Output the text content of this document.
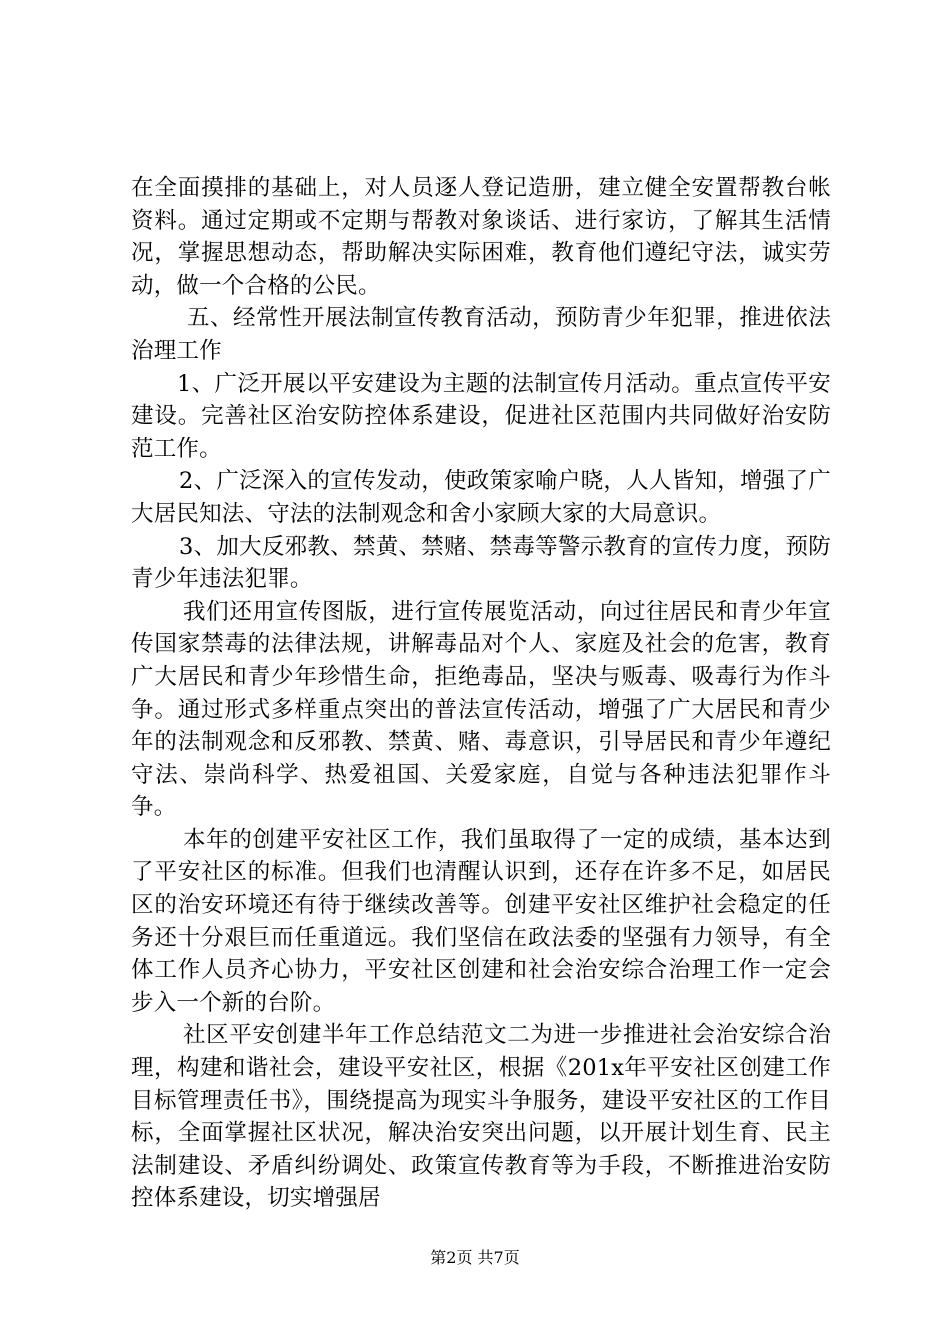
在全面摸排的基础上，对人员逐人登记造册，建立健全安置帮教台帐资料。通过定期或不定期与帮教对象谈话、进行家访，了解其生活情况，掌握思想动态，帮助解决实际困难，教育他们遵纪守法，诚实劳动，做一个合格的公民。

五、经常性开展法制宣传教育活动，预防青少年犯罪，推进依法治理工作

1、广泛开展以平安建设为主题的法制宣传月活动。重点宣传平安建设。完善社区治安防控体系建设，促进社区范围内共同做好治安防范工作。

2、广泛深入的宣传发动，使政策家喻户晓，人人皆知，增强了广大居民知法、守法的法制观念和舍小家顾大家的大局意识。

3、加大反邪教、禁黄、禁赌、禁毒等警示教育的宣传力度，预防青少年违法犯罪。

我们还用宣传图版，进行宣传展览活动，向过往居民和青少年宣传国家禁毒的法律法规，讲解毒品对个人、家庭及社会的危害，教育广大居民和青少年珍惜生命，拒绝毒品，坚决与贩毒、吸毒行为作斗争。通过形式多样重点突出的普法宣传活动，增强了广大居民和青少年的法制观念和反邪教、禁黄、赌、毒意识，引导居民和青少年遵纪守法、崇尚科学、热爱祖国、关爱家庭，自觉与各种违法犯罪作斗争。

本年的创建平安社区工作，我们虽取得了一定的成绩，基本达到了平安社区的标准。但我们也清醒认识到，还存在许多不足，如居民区的治安环境还有待于继续改善等。创建平安社区维护社会稳定的任务还十分艰巨而任重道远。我们坚信在政法委的坚强有力领导，有全体工作人员齐心协力，平安社区创建和社会治安综合治理工作一定会步入一个新的台阶。

社区平安创建半年工作总结范文二为进一步推进社会治安综合治理，构建和谐社会，建设平安社区，根据《201x年平安社区创建工作目标管理责任书》，围绕提高为现实斗争服务，建设平安社区的工作目标，全面掌握社区状况，解决治安突出问题，以开展计划生育、民主法制建设、矛盾纠纷调处、政策宣传教育等为手段，不断推进治安防控体系建设，切实增强居

第2页 共7页
